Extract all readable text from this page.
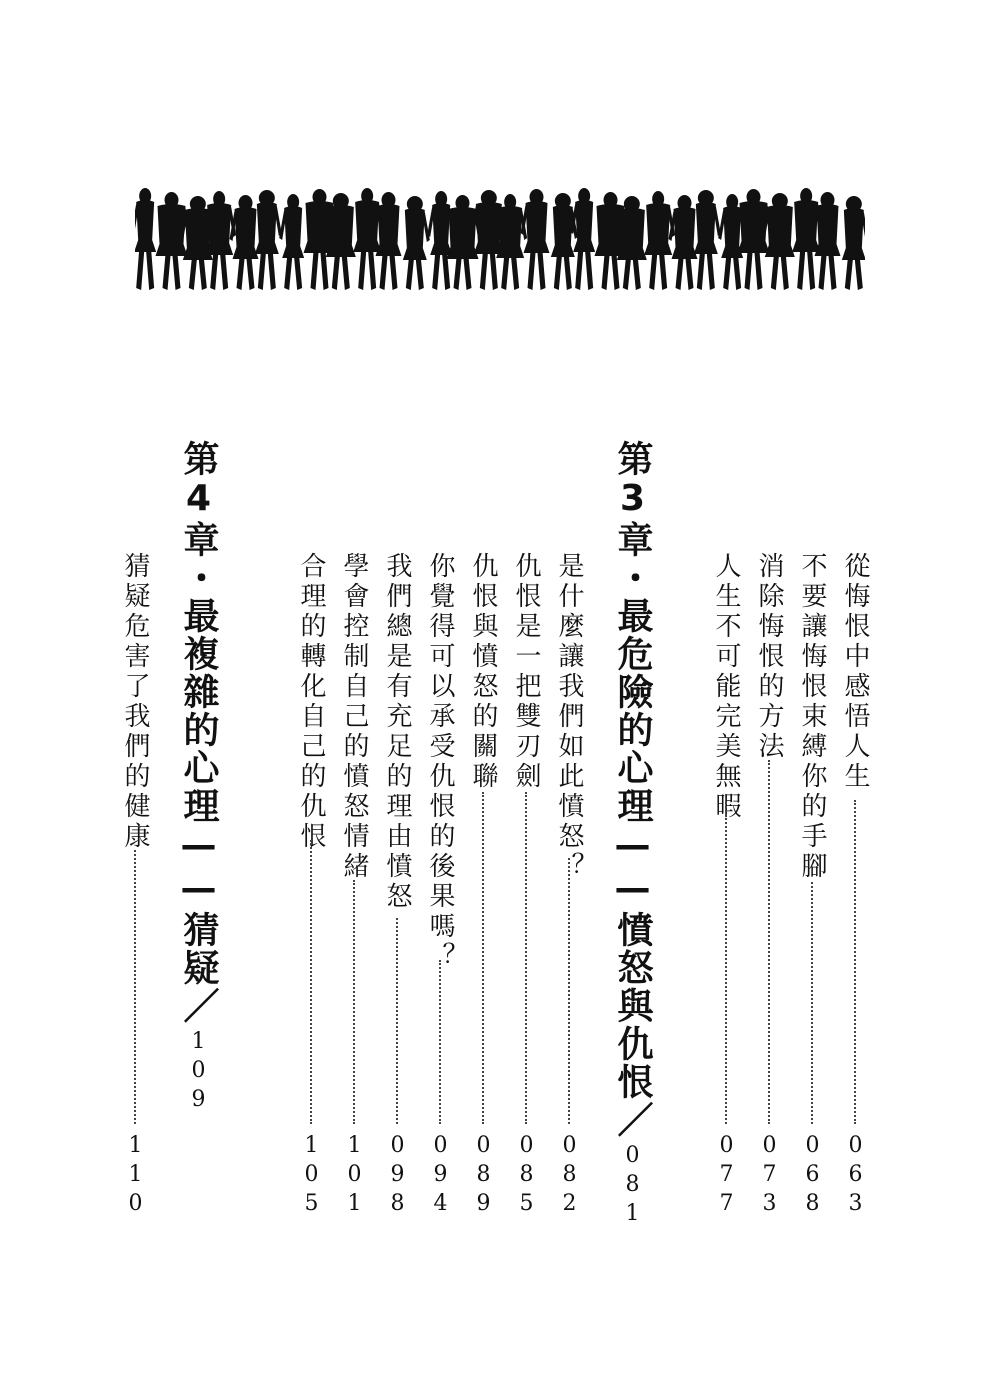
從悔恨中感悟人生
063
不要讓悔恨束縛你的手腳
068
消除悔恨的方法
073
人生不可能完美無暇
077
第3章・最危險的心理——憤怒與仇恨／
081
是什麼讓我們如此憤怒？
082
仇恨是一把雙刃劍
085
仇恨與憤怒的關聯
089
你覺得可以承受仇恨的後果嗎？
094
我們總是有充足的理由憤怒
098
學會控制自己的憤怒情緒
101
合理的轉化自己的仇恨
105
第4章・最複雜的心理——猜疑／
109
猜疑危害了我們的健康
110
